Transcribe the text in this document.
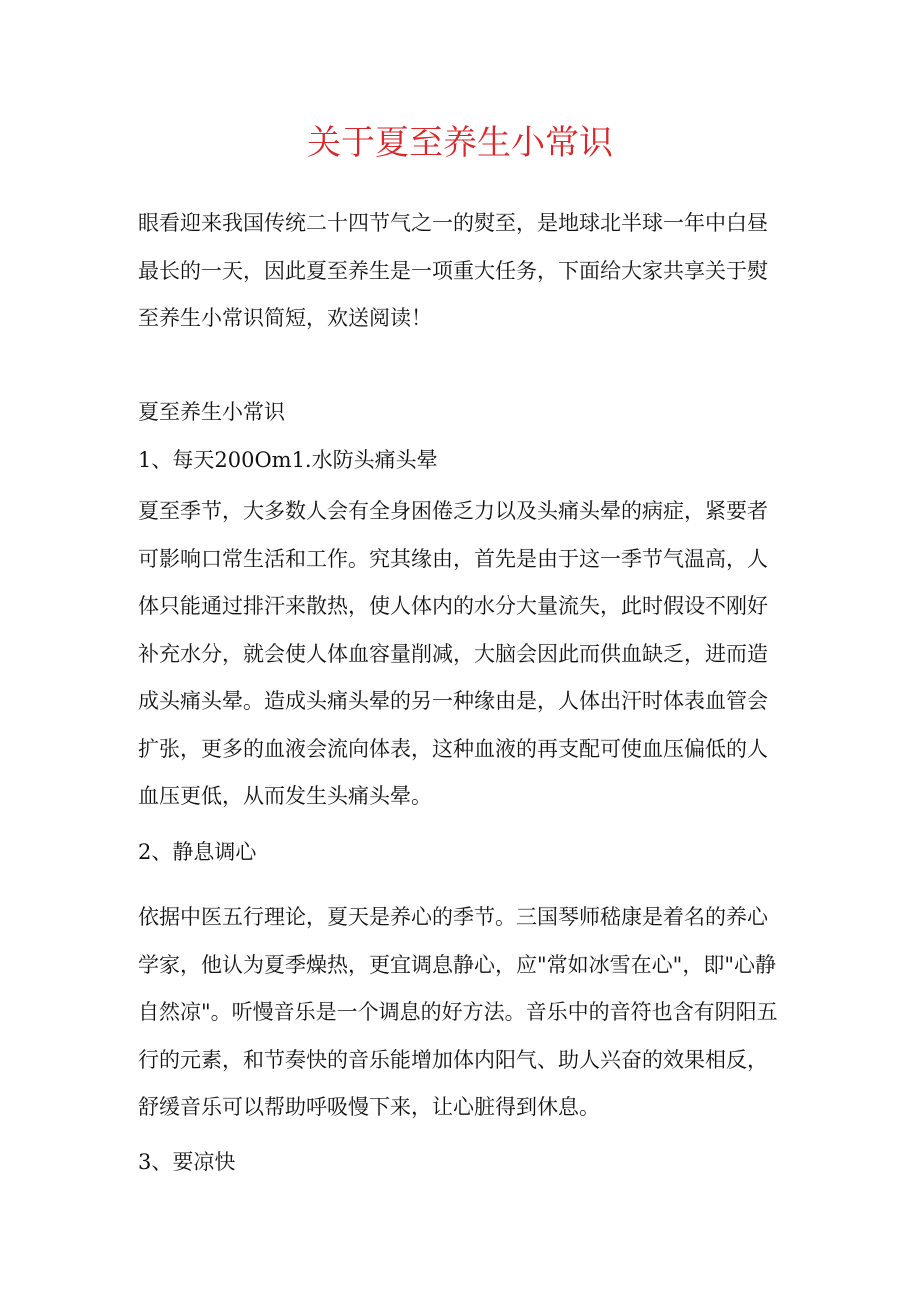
关于夏至养生小常识

眼看迎来我国传统二十四节气之一的熨至，是地球北半球一年中白昼最长的一天，因此夏至养生是一项重大任务，下面给大家共享关于熨至养生小常识简短，欢送阅读！

夏至养生小常识

1、每天200Om1.水防头痛头晕

夏至季节，大多数人会有全身困倦乏力以及头痛头晕的病症，紧要者可影响口常生活和工作。究其缘由，首先是由于这一季节气温高，人体只能通过排汗来散热，使人体内的水分大量流失，此时假设不刚好补充水分，就会使人体血容量削减，大脑会因此而供血缺乏，进而造成头痛头晕。造成头痛头晕的另一种缘由是，人体出汗时体表血管会扩张，更多的血液会流向体表，这种血液的再支配可使血压偏低的人血压更低，从而发生头痛头晕。

2、静息调心

依据中医五行理论，夏天是养心的季节。三国琴师嵇康是着名的养心学家，他认为夏季燥热，更宜调息静心，应"常如冰雪在心"，即"心静自然凉"。听慢音乐是一个调息的好方法。音乐中的音符也含有阴阳五行的元素，和节奏快的音乐能增加体内阳气、助人兴奋的效果相反，舒缓音乐可以帮助呼吸慢下来，让心脏得到休息。

3、要凉快
